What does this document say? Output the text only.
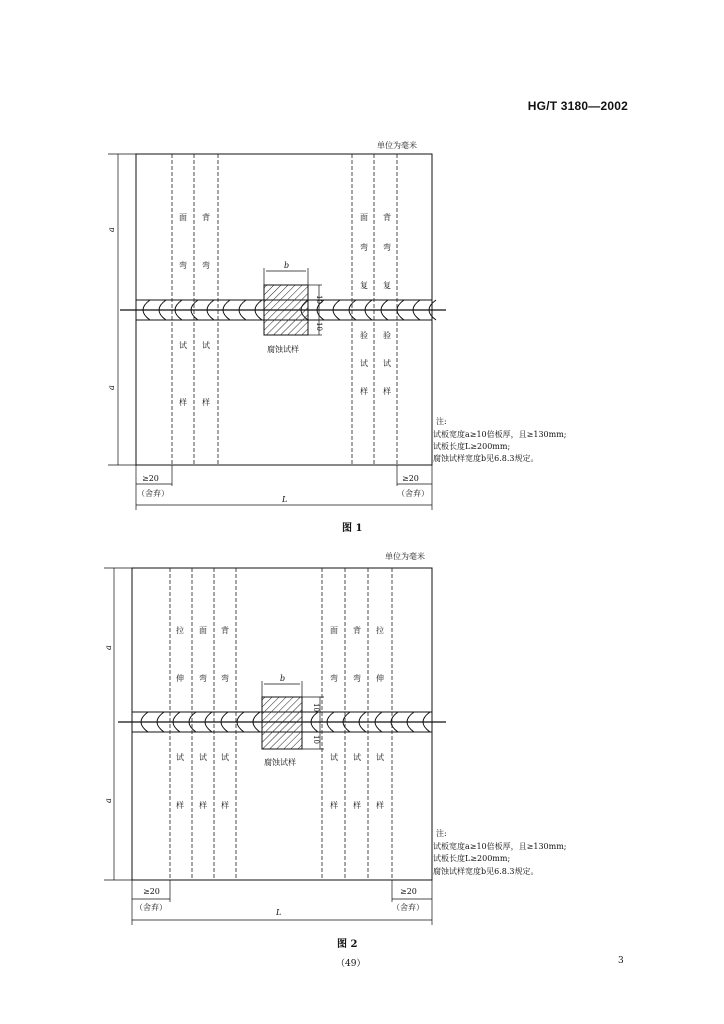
HG/T 3180—2002
单位为毫米
b
10
10
腐蚀试样
面
弯
试
样
背
弯
试
样
面
弯
复
验
试
样
背
弯
复
验
试
样
a
a
≥20	≥20
（舍弃）	（舍弃）
L
注:
试板宽度a≥10倍板厚，且≥130mm;
试板长度L≥200mm;
腐蚀试样宽度b见6.8.3规定。
图 1
单位为毫米
b
10
10
腐蚀试样
拉
伸
试
样
面
弯
试
样
背
弯
试
样
面
弯
试
样
背
弯
试
样
拉
伸
试
样
a
a
≥20	≥20
（舍弃）	（舍弃）
L
注:
试板宽度a≥10倍板厚，且≥130mm;
试板长度L≥200mm;
腐蚀试样宽度b见6.8.3规定。
图 2
（49）	3
